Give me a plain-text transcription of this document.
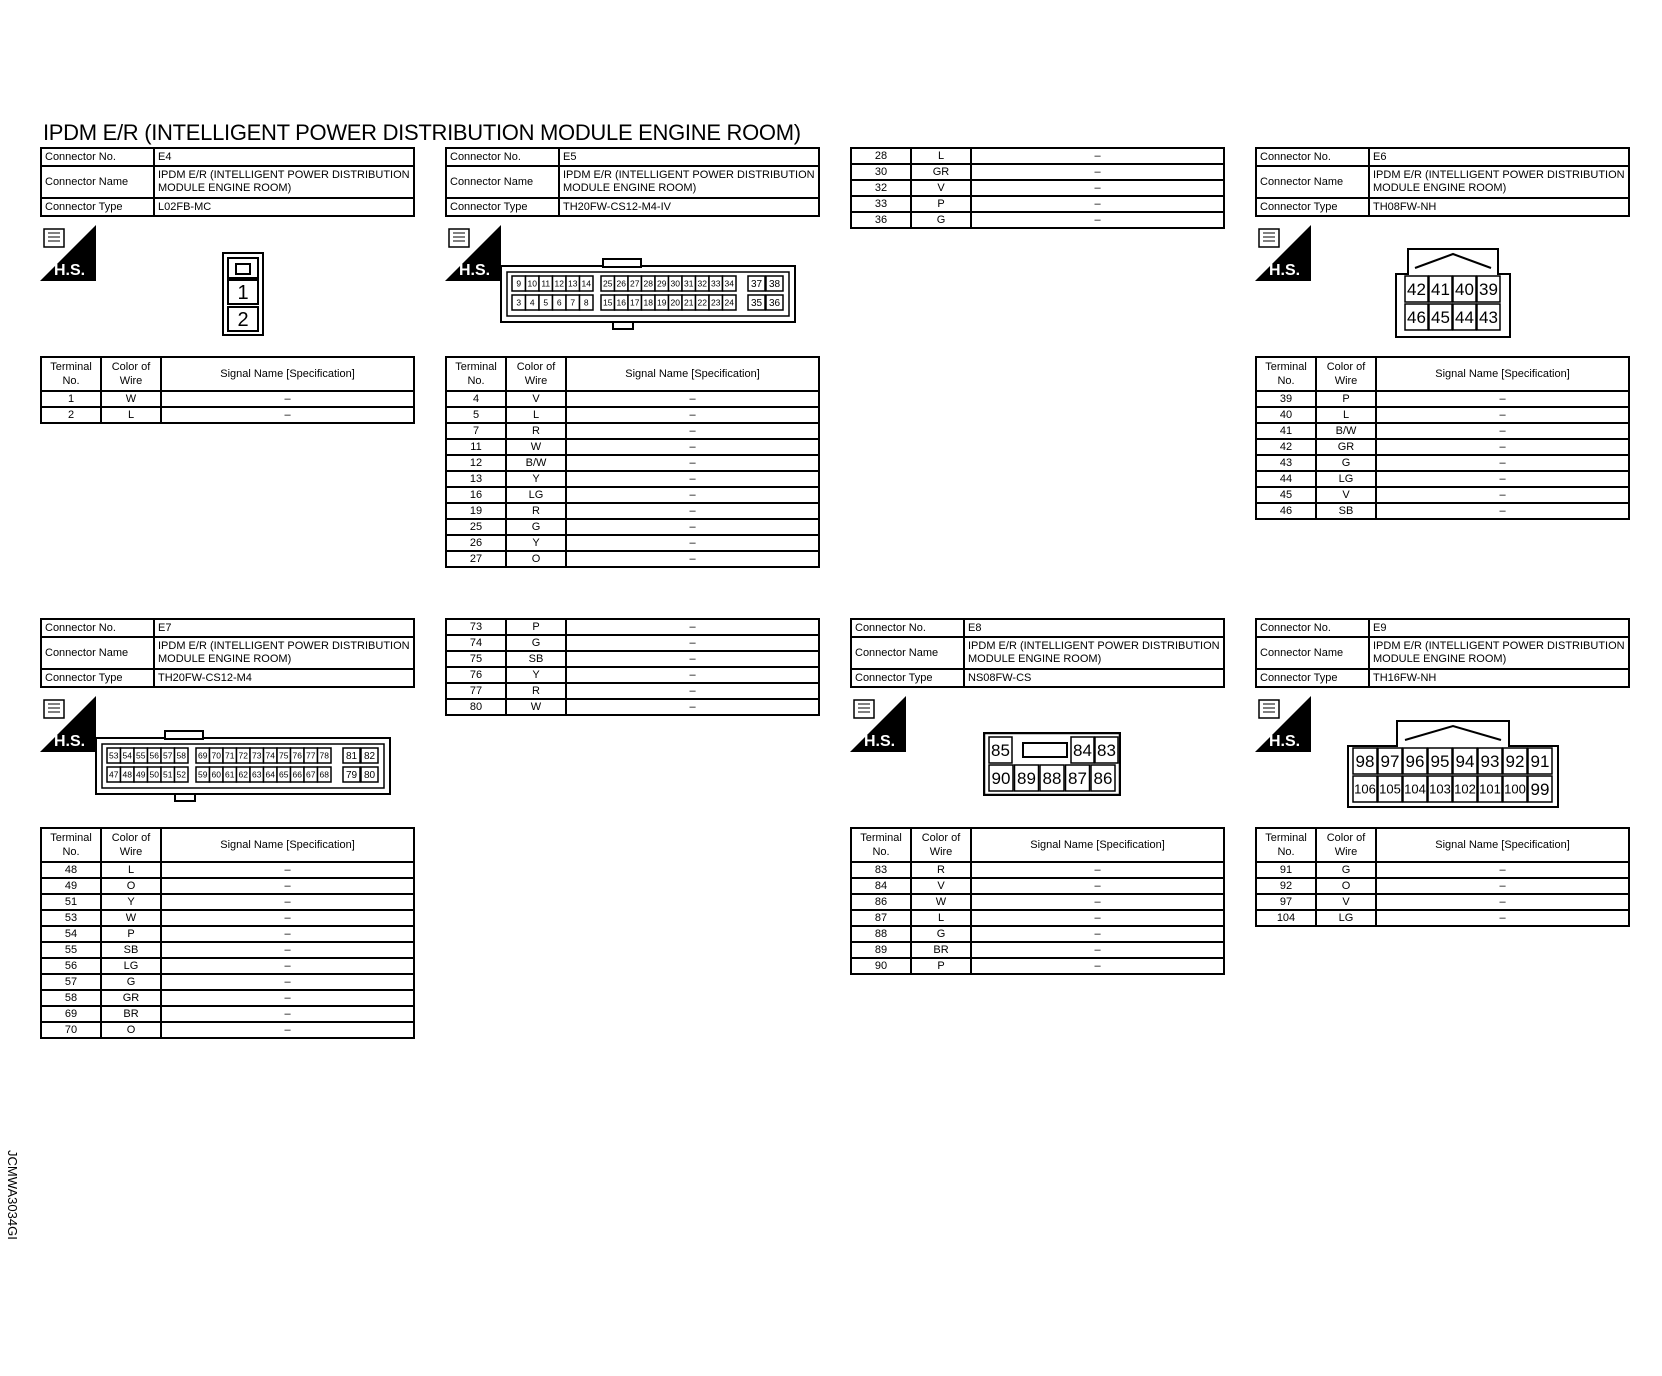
IPDM E/R (INTELLIGENT POWER DISTRIBUTION MODULE ENGINE ROOM)
Connector No.	E4
Connector Name	IPDM E/R (INTELLIGENT POWER DISTRIBUTION MODULE ENGINE ROOM)
Connector Type	L02FB-MC
H.S.
1
2
Terminal No.	Color of Wire	Signal Name [Specification]
1	W	–
2	L	–
Connector No.	E5
Connector Name	IPDM E/R (INTELLIGENT POWER DISTRIBUTION MODULE ENGINE ROOM)
Connector Type	TH20FW-CS12-M4-IV
H.S.
9 10 11 12 13 14 25 26 27 28 29 30 31 32 33 34 37 38
3 4 5 6 7 8 15 16 17 18 19 20 21 22 23 24 35 36
Terminal No.	Color of Wire	Signal Name [Specification]
4	V	–
5	L	–
7	R	–
11	W	–
12	B/W	–
13	Y	–
16	LG	–
19	R	–
25	G	–
26	Y	–
27	O	–
28	L	–
30	GR	–
32	V	–
33	P	–
36	G	–
Connector No.	E6
Connector Name	IPDM E/R (INTELLIGENT POWER DISTRIBUTION MODULE ENGINE ROOM)
Connector Type	TH08FW-NH
H.S.
42 41 40 39
46 45 44 43
Terminal No.	Color of Wire	Signal Name [Specification]
39	P	–
40	L	–
41	B/W	–
42	GR	–
43	G	–
44	LG	–
45	V	–
46	SB	–
Connector No.	E7
Connector Name	IPDM E/R (INTELLIGENT POWER DISTRIBUTION MODULE ENGINE ROOM)
Connector Type	TH20FW-CS12-M4
H.S.
53 54 55 56 57 58 69 70 71 72 73 74 75 76 77 78 81 82
47 48 49 50 51 52 59 60 61 62 63 64 65 66 67 68 79 80
Terminal No.	Color of Wire	Signal Name [Specification]
48	L	–
49	O	–
51	Y	–
53	W	–
54	P	–
55	SB	–
56	LG	–
57	G	–
58	GR	–
69	BR	–
70	O	–
73	P	–
74	G	–
75	SB	–
76	Y	–
77	R	–
80	W	–
Connector No.	E8
Connector Name	IPDM E/R (INTELLIGENT POWER DISTRIBUTION MODULE ENGINE ROOM)
Connector Type	NS08FW-CS
H.S.	85	84 83
90 89 88 87 86
Terminal No.	Color of Wire	Signal Name [Specification]
83	R	–
84	V	–
86	W	–
87	L	–
88	G	–
89	BR	–
90	P	–
Connector No.	E9
Connector Name	IPDM E/R (INTELLIGENT POWER DISTRIBUTION MODULE ENGINE ROOM)
Connector Type	TH16FW-NH
H.S.
98 97 96 95 94 93 92 91
106 105 104 103 102 101 100 99
Terminal No.	Color of Wire	Signal Name [Specification]
91	G	–
92	O	–
97	V	–
104	LG	–
JCMWA3034GI
